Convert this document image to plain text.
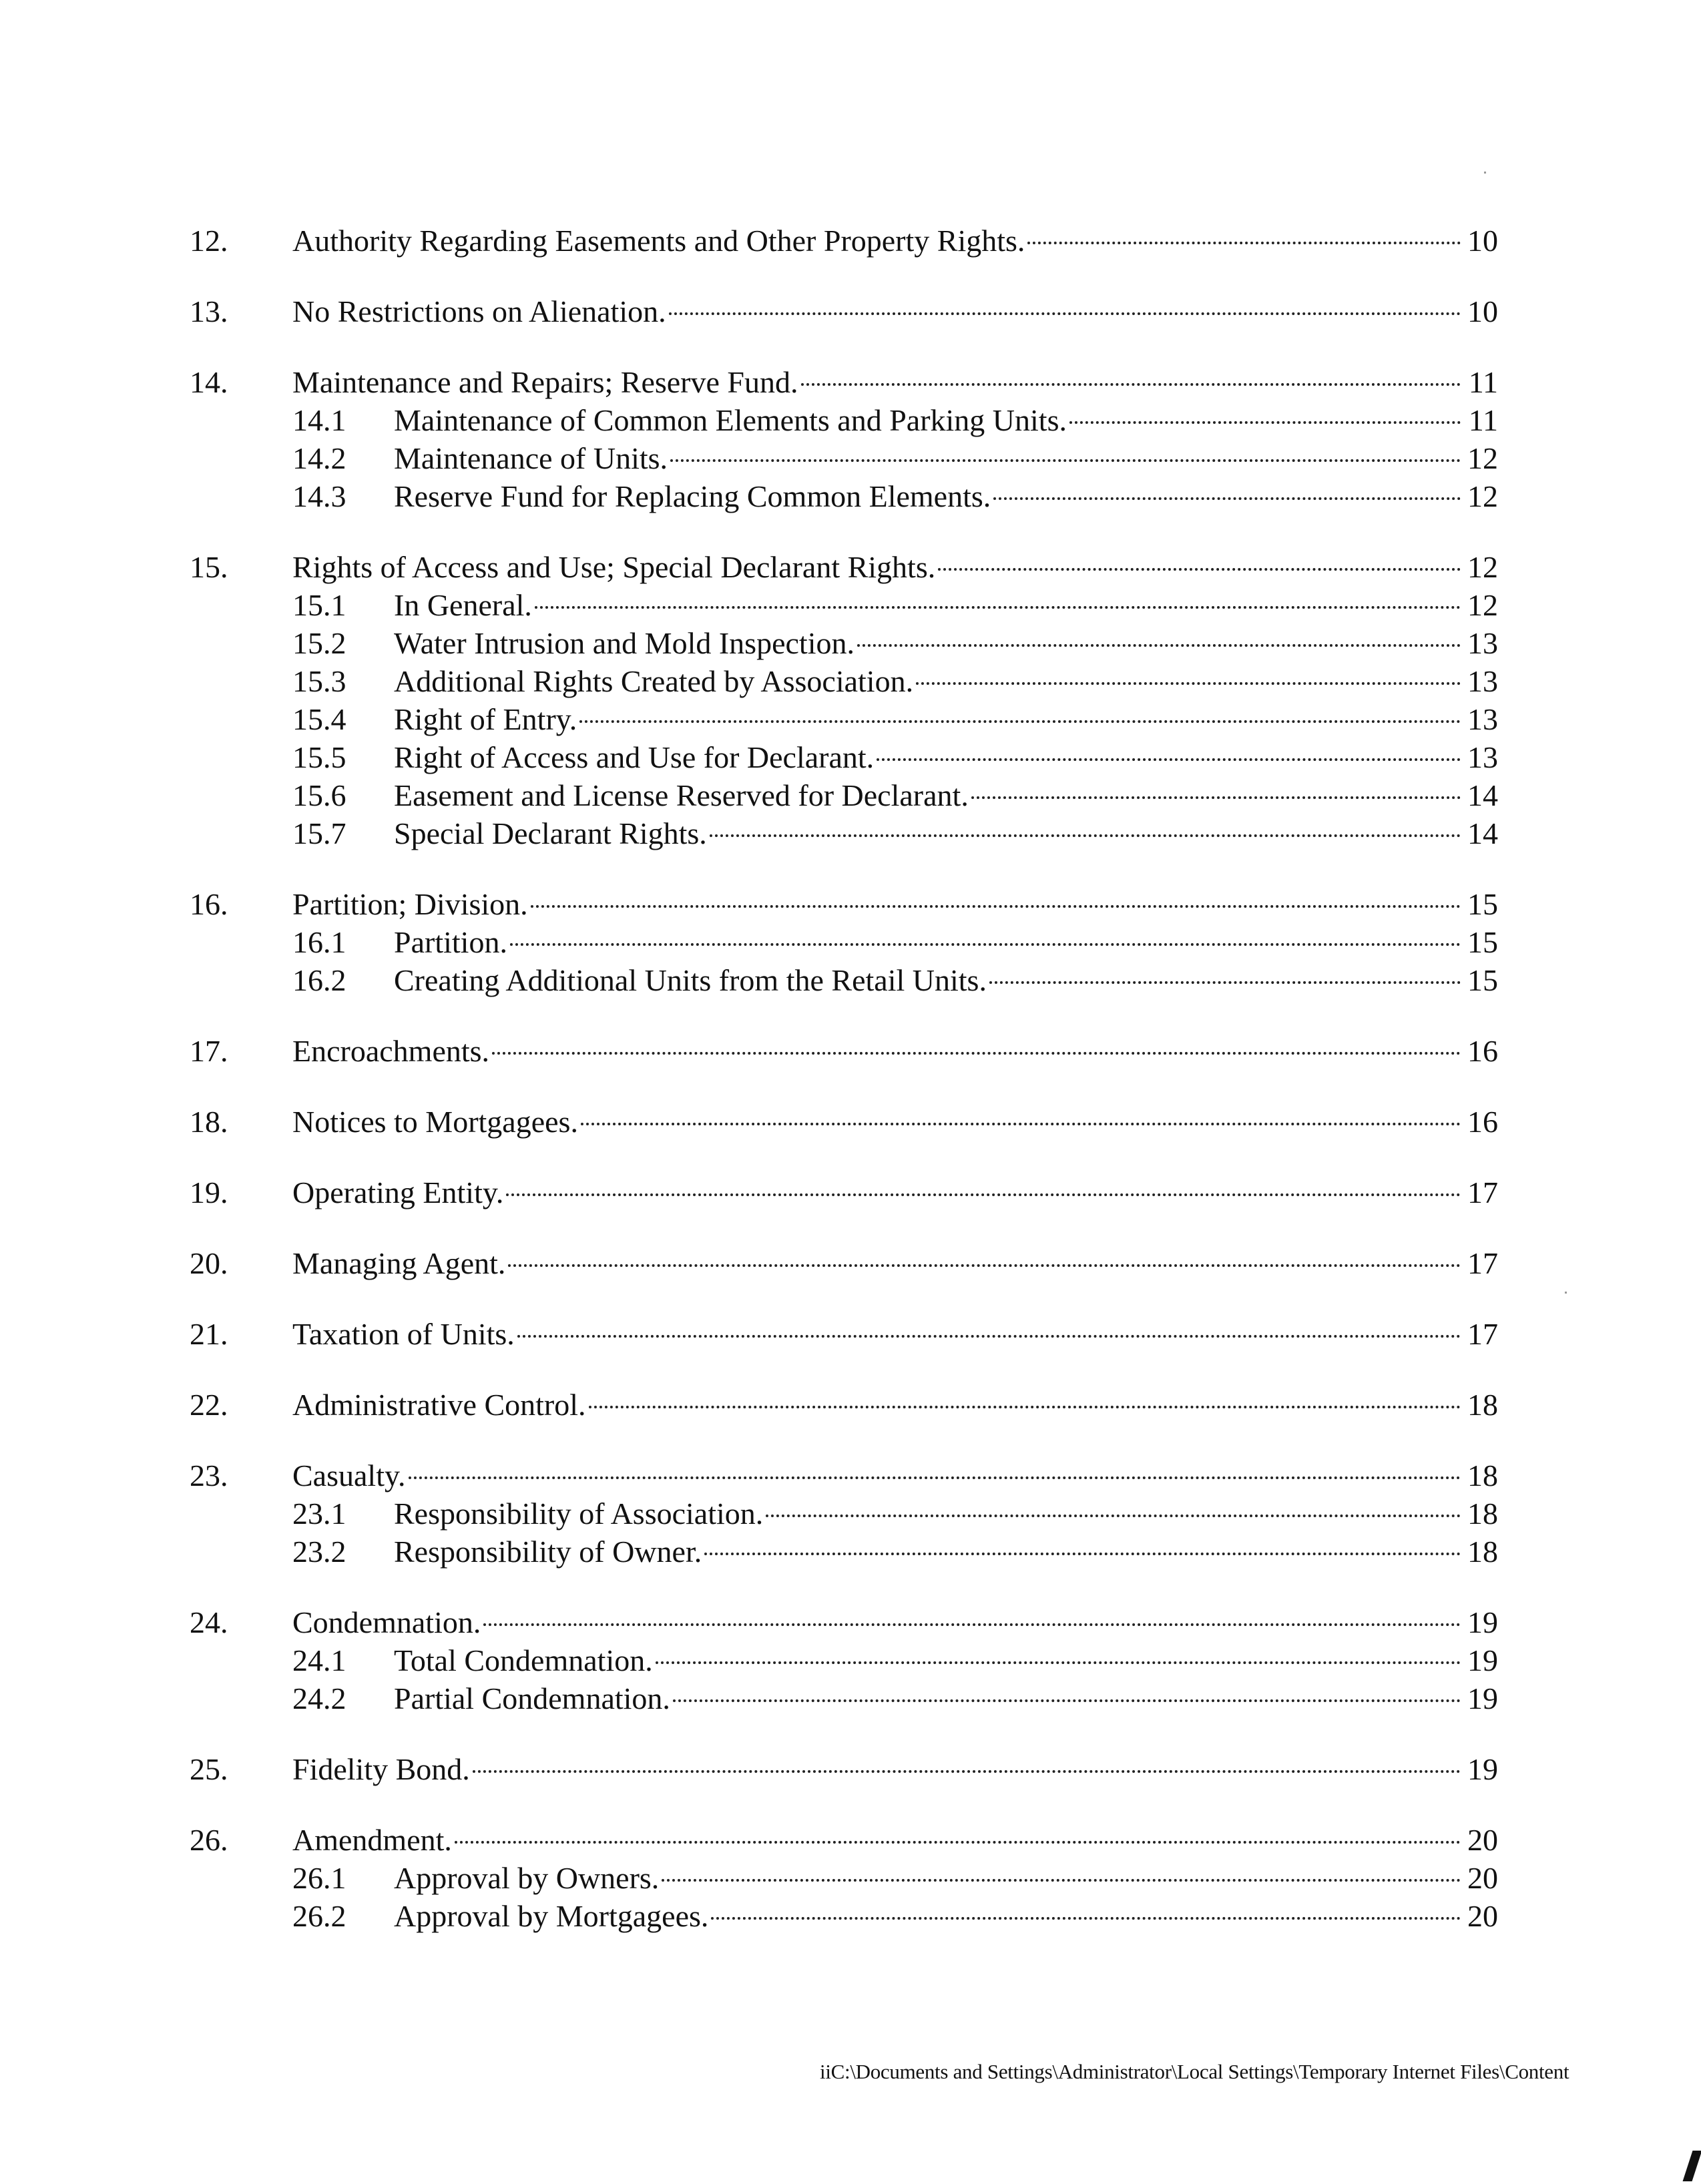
12.	Authority Regarding Easements and Other Property Rights.	10
13.	No Restrictions on Alienation.	10
14.	Maintenance and Repairs; Reserve Fund.	11
14.1	Maintenance of Common Elements and Parking Units.	11
14.2	Maintenance of Units.	12
14.3	Reserve Fund for Replacing Common Elements.	12
15.	Rights of Access and Use; Special Declarant Rights.	12
15.1	In General.	12
15.2	Water Intrusion and Mold Inspection.	13
15.3	Additional Rights Created by Association.	13
15.4	Right of Entry.	13
15.5	Right of Access and Use for Declarant.	13
15.6	Easement and License Reserved for Declarant.	14
15.7	Special Declarant Rights.	14
16.	Partition; Division.	15
16.1	Partition.	15
16.2	Creating Additional Units from the Retail Units.	15
17.	Encroachments.	16
18.	Notices to Mortgagees.	16
19.	Operating Entity.	17
20.	Managing Agent.	17
21.	Taxation of Units.	17
22.	Administrative Control.	18
23.	Casualty.	18
23.1	Responsibility of Association.	18
23.2	Responsibility of Owner.	18
24.	Condemnation.	19
24.1	Total Condemnation.	19
24.2	Partial Condemnation.	19
25.	Fidelity Bond.	19
26.	Amendment.	20
26.1	Approval by Owners.	20
26.2	Approval by Mortgagees.	20
iiC:\Documents and Settings\Administrator\Local Settings\Temporary Internet Files\Content
